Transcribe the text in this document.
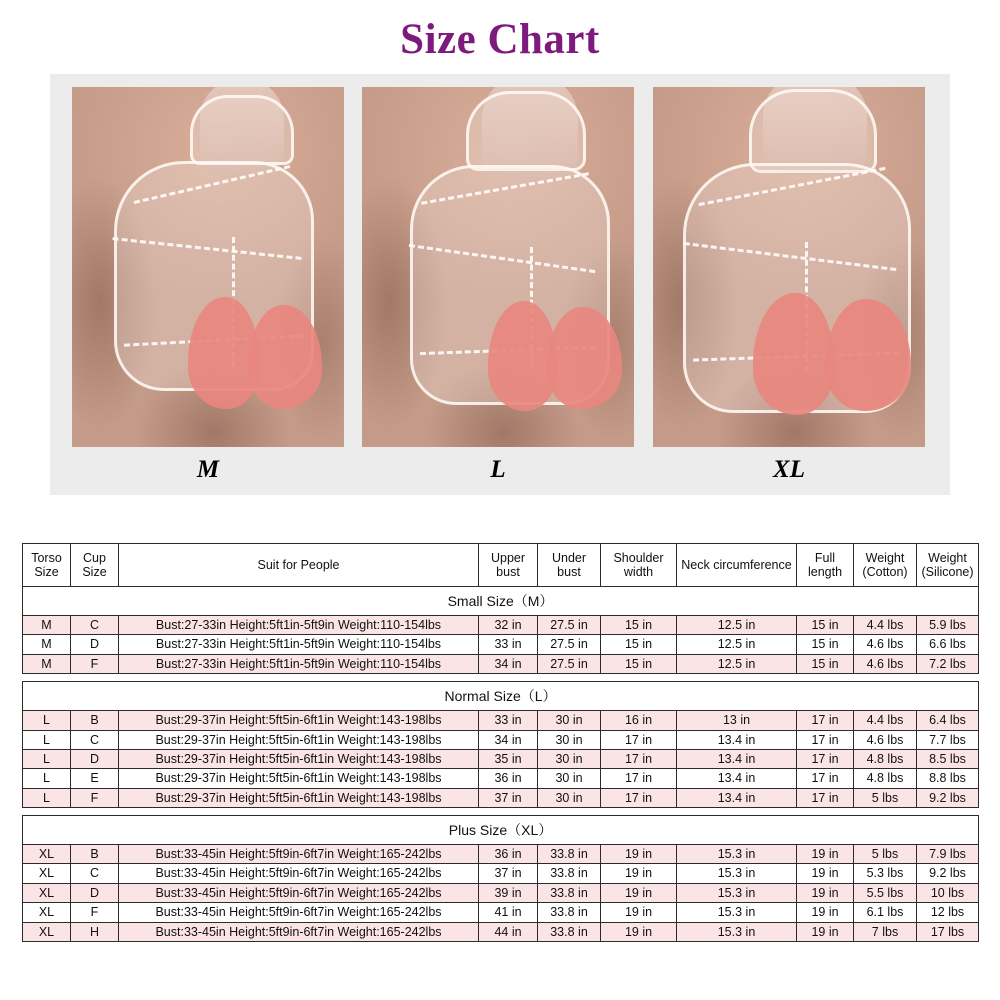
Size Chart
M	L	XL
Torso Size	Cup Size	Suit for People	Upper bust	Under bust	Shoulder width	Neck circumference	Full length	Weight (Cotton)	Weight (Silicone)
Small Size（M）									
M	C	Bust:27-33in Height:5ft1in-5ft9in Weight:110-154lbs	32 in	27.5 in	15 in	12.5 in	15 in	4.4 lbs	5.9 lbs
M	D	Bust:27-33in Height:5ft1in-5ft9in Weight:110-154lbs	33 in	27.5 in	15 in	12.5 in	15 in	4.6 lbs	6.6 lbs
M	F	Bust:27-33in Height:5ft1in-5ft9in Weight:110-154lbs	34 in	27.5 in	15 in	12.5 in	15 in	4.6 lbs	7.2 lbs

Normal Size（L）									
L	B	Bust:29-37in Height:5ft5in-6ft1in Weight:143-198lbs	33 in	30 in	16 in	13 in	17 in	4.4 lbs	6.4 lbs
L	C	Bust:29-37in Height:5ft5in-6ft1in Weight:143-198lbs	34 in	30 in	17 in	13.4 in	17 in	4.6 lbs	7.7 lbs
L	D	Bust:29-37in Height:5ft5in-6ft1in Weight:143-198lbs	35 in	30 in	17 in	13.4 in	17 in	4.8 lbs	8.5 lbs
L	E	Bust:29-37in Height:5ft5in-6ft1in Weight:143-198lbs	36 in	30 in	17 in	13.4 in	17 in	4.8 lbs	8.8 lbs
L	F	Bust:29-37in Height:5ft5in-6ft1in Weight:143-198lbs	37 in	30 in	17 in	13.4 in	17 in	5 lbs	9.2 lbs

Plus Size（XL）									
XL	B	Bust:33-45in Height:5ft9in-6ft7in Weight:165-242lbs	36 in	33.8 in	19 in	15.3 in	19 in	5 lbs	7.9 lbs
XL	C	Bust:33-45in Height:5ft9in-6ft7in Weight:165-242lbs	37 in	33.8 in	19 in	15.3 in	19 in	5.3 lbs	9.2 lbs
XL	D	Bust:33-45in Height:5ft9in-6ft7in Weight:165-242lbs	39 in	33.8 in	19 in	15.3 in	19 in	5.5 lbs	10 lbs
XL	F	Bust:33-45in Height:5ft9in-6ft7in Weight:165-242lbs	41 in	33.8 in	19 in	15.3 in	19 in	6.1 lbs	12 lbs
XL	H	Bust:33-45in Height:5ft9in-6ft7in Weight:165-242lbs	44 in	33.8 in	19 in	15.3 in	19 in	7 lbs	17 lbs
